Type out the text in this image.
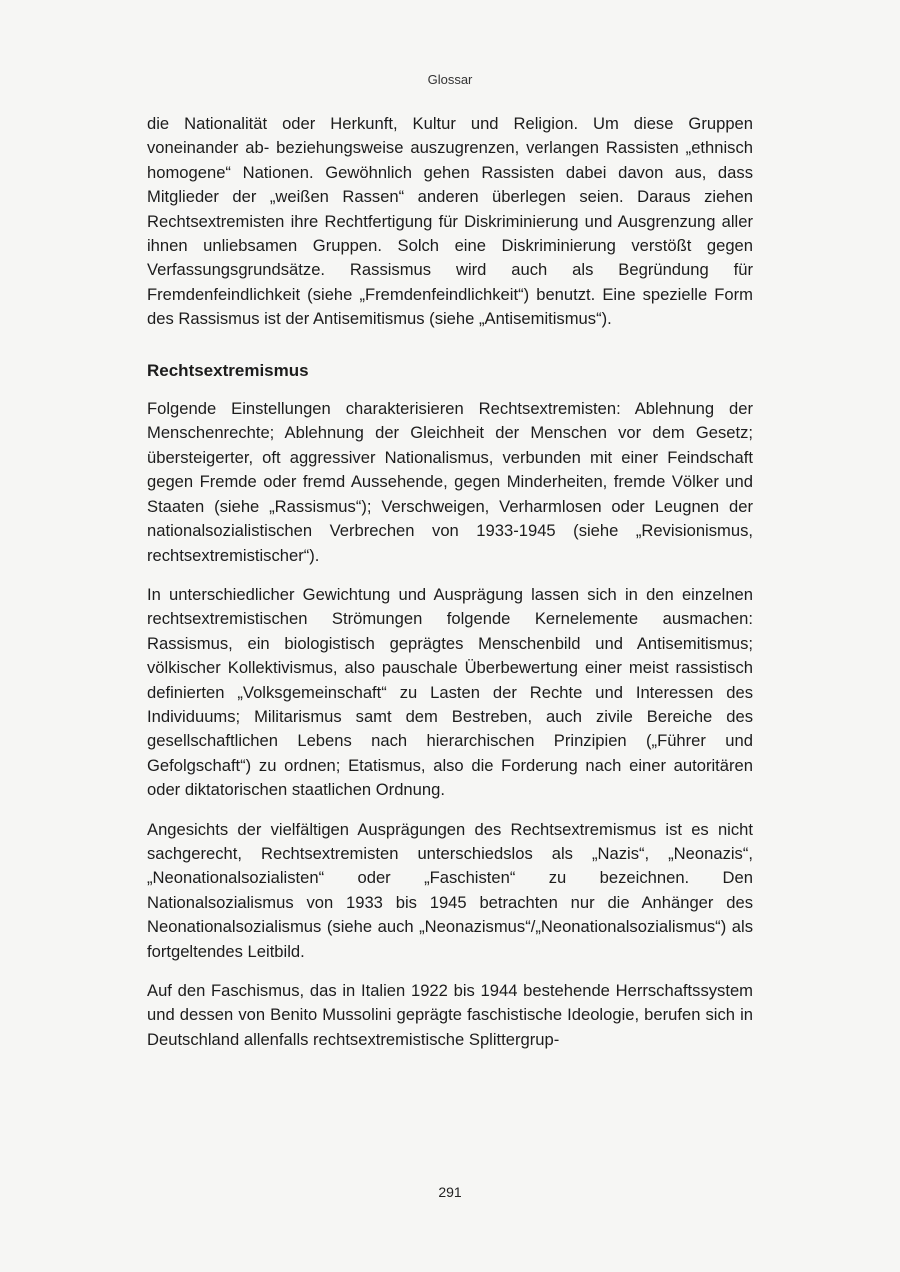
Glossar

die Nationalität oder Herkunft, Kultur und Religion. Um diese Gruppen voneinander ab- beziehungsweise auszugrenzen, verlangen Rassisten „ethnisch homogene“ Nationen. Gewöhnlich gehen Rassisten dabei davon aus, dass Mitglieder der „weißen Rassen“ anderen überlegen seien. Daraus ziehen Rechtsextremisten ihre Rechtfertigung für Diskriminierung und Ausgrenzung aller ihnen unliebsamen Gruppen. Solch eine Diskriminierung verstößt gegen Verfassungsgrundsätze. Rassismus wird auch als Begründung für Fremdenfeindlichkeit (siehe „Fremdenfeindlichkeit“) benutzt. Eine spezielle Form des Rassismus ist der Antisemitismus (siehe „Antisemitismus“).

Rechtsextremismus

Folgende Einstellungen charakterisieren Rechtsextremisten: Ablehnung der Menschenrechte; Ablehnung der Gleichheit der Menschen vor dem Gesetz; übersteigerter, oft aggressiver Nationalismus, verbunden mit einer Feindschaft gegen Fremde oder fremd Aussehende, gegen Minderheiten, fremde Völker und Staaten (siehe „Rassismus“); Verschweigen, Verharmlosen oder Leugnen der nationalsozialistischen Verbrechen von 1933-1945 (siehe „Revisionismus, rechtsextremistischer“).

In unterschiedlicher Gewichtung und Ausprägung lassen sich in den einzelnen rechtsextremistischen Strömungen folgende Kernelemente ausmachen: Rassismus, ein biologistisch geprägtes Menschenbild und Antisemitismus; völkischer Kollektivismus, also pauschale Überbewertung einer meist rassistisch definierten „Volksgemeinschaft“ zu Lasten der Rechte und Interessen des Individuums; Militarismus samt dem Bestreben, auch zivile Bereiche des gesellschaftlichen Lebens nach hierarchischen Prinzipien („Führer und Gefolgschaft“) zu ordnen; Etatismus, also die Forderung nach einer autoritären oder diktatorischen staatlichen Ordnung.

Angesichts der vielfältigen Ausprägungen des Rechtsextremismus ist es nicht sachgerecht, Rechtsextremisten unterschiedslos als „Nazis“, „Neonazis“, „Neonationalsozialisten“ oder „Faschisten“ zu bezeichnen. Den Nationalsozialismus von 1933 bis 1945 betrachten nur die Anhänger des Neonationalsozialismus (siehe auch „Neonazismus“/„Neonationalsozialismus“) als fortgeltendes Leitbild.

Auf den Faschismus, das in Italien 1922 bis 1944 bestehende Herrschaftssystem und dessen von Benito Mussolini geprägte faschistische Ideologie, berufen sich in Deutschland allenfalls rechtsextremistische Splittergrup-

291
